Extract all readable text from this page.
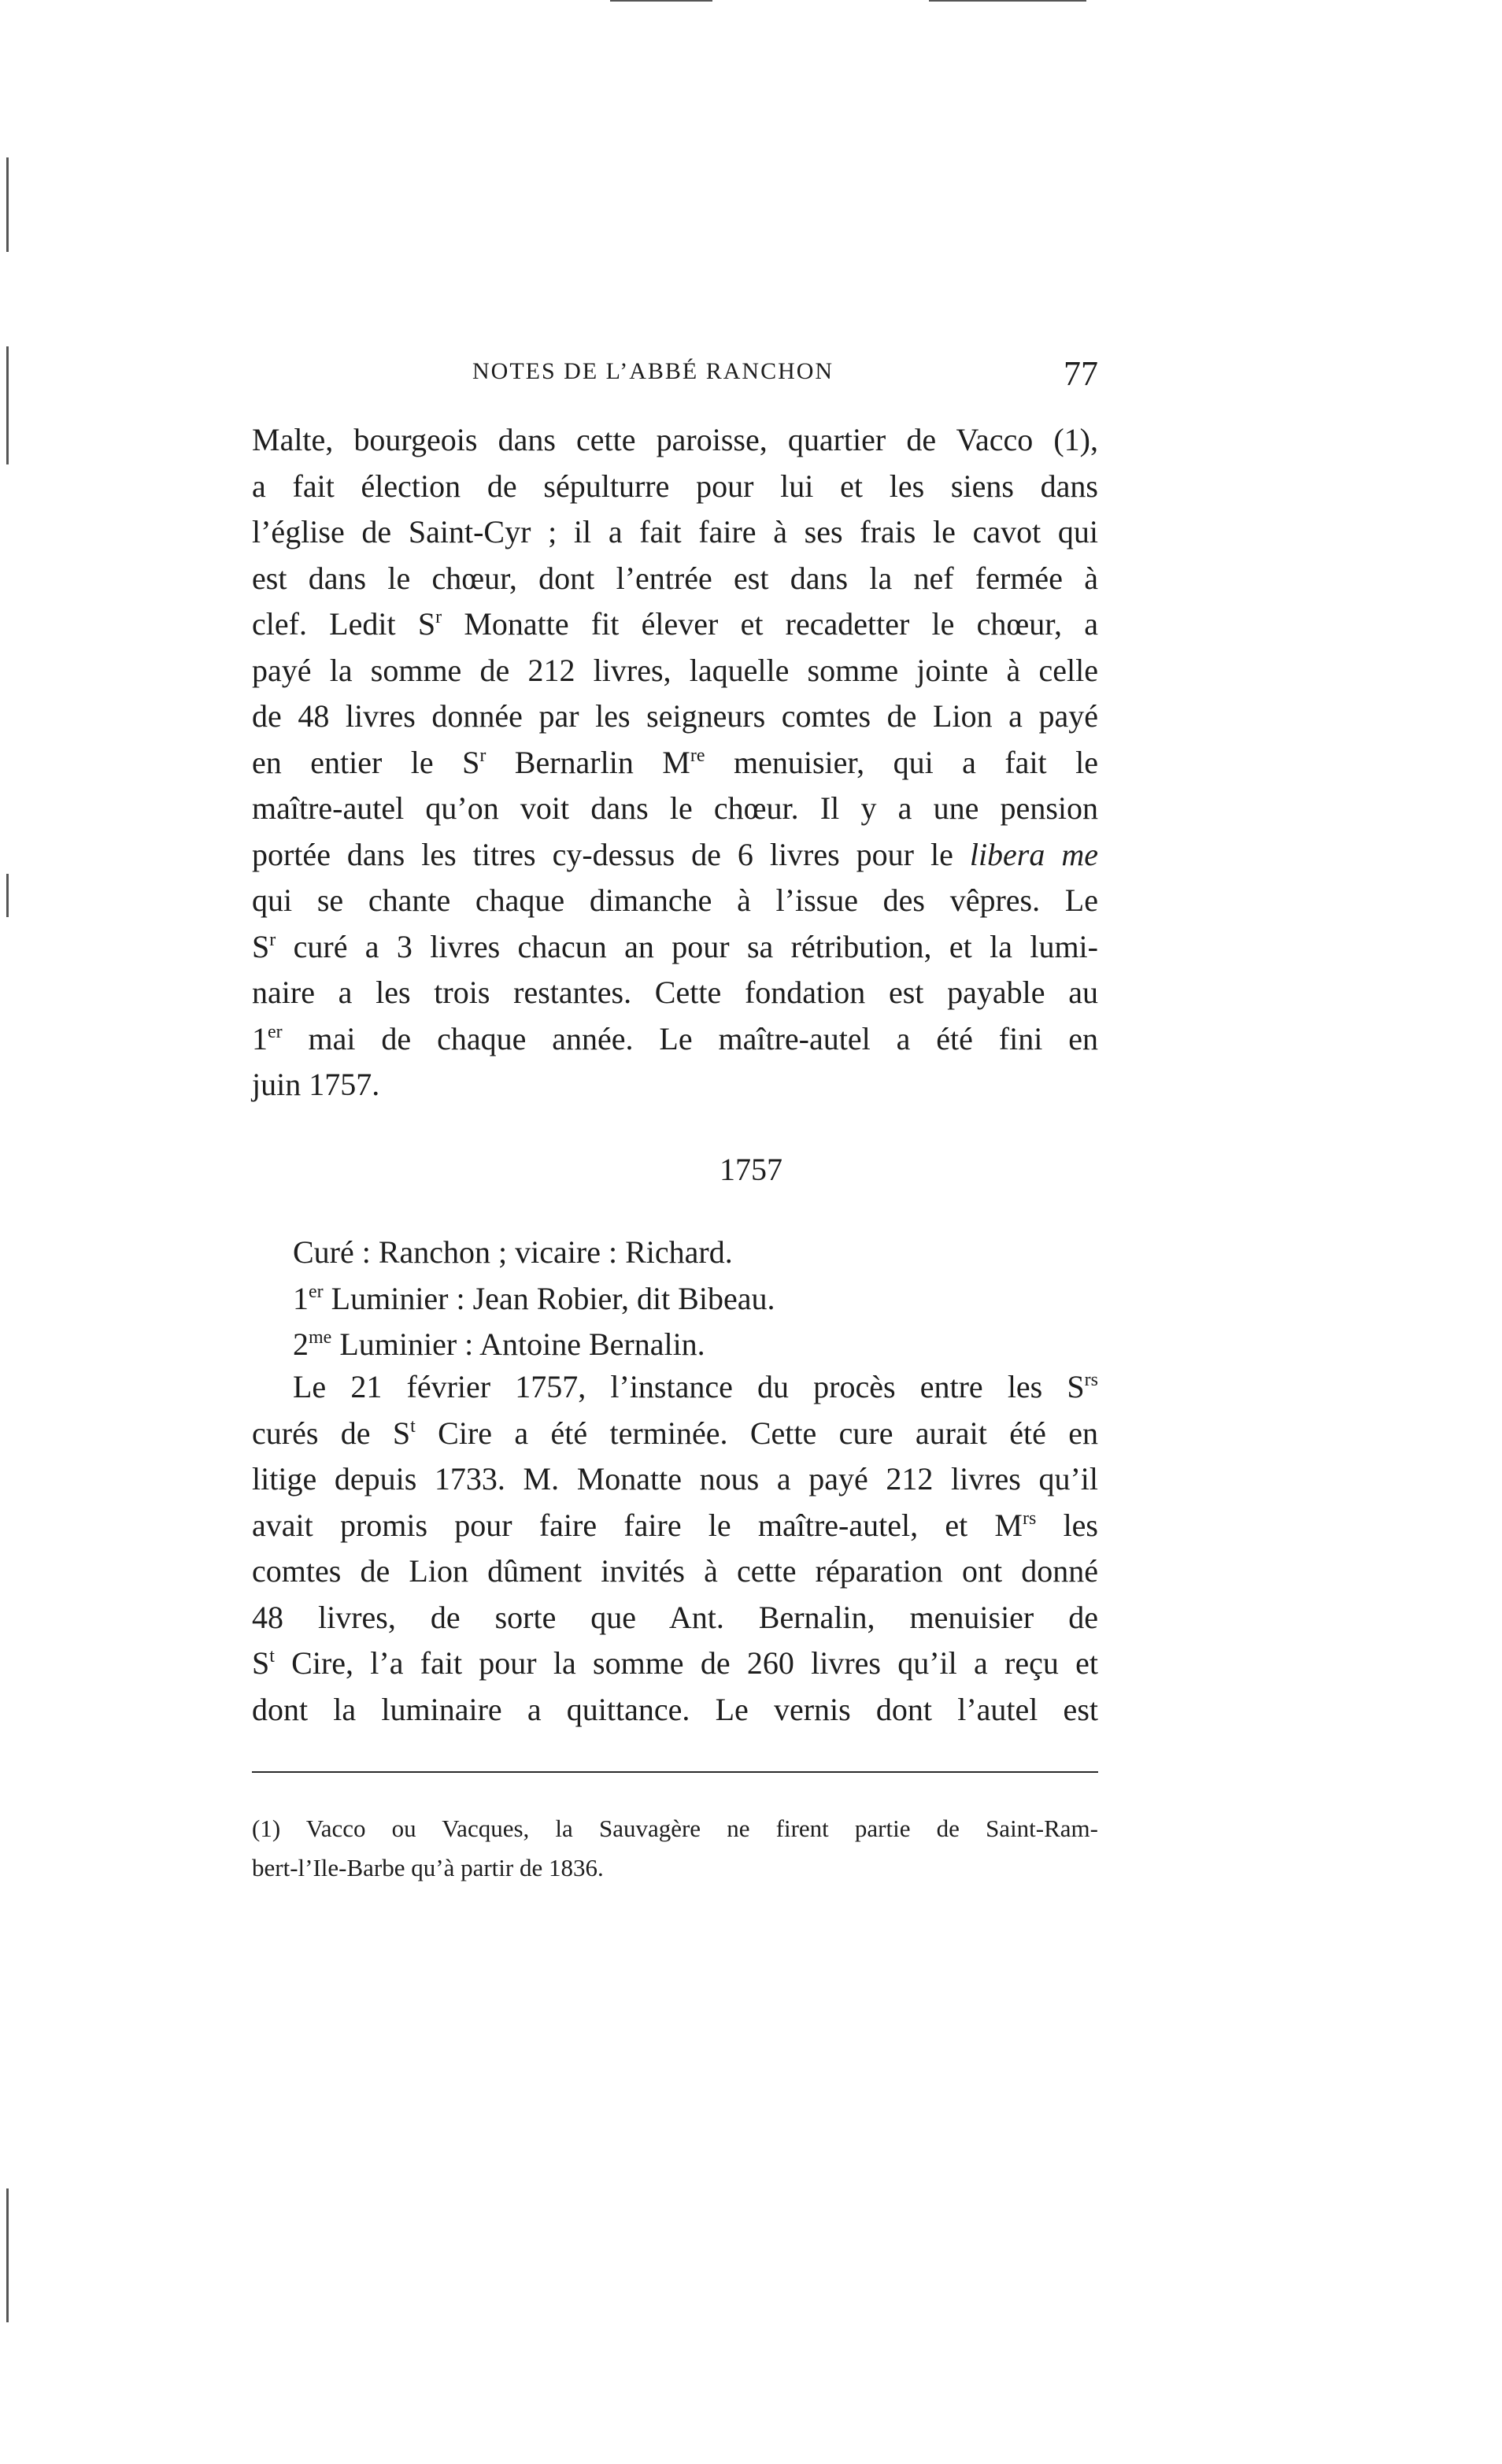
NOTES DE L’ABBÉ RANCHON	77
Malte, bourgeois dans cette paroisse, quartier de Vacco (1),
a fait élection de sépulturre pour lui et les siens dans
l’église de Saint-Cyr ; il a fait faire à ses frais le cavot qui
est dans le chœur, dont l’entrée est dans la nef fermée à
clef. Ledit $S^r$ Monatte fit élever et recadetter le chœur, a
payé la somme de 212 livres, laquelle somme jointe à celle
de 48 livres donnée par les seigneurs comtes de Lion a payé
en entier le $S^r$ Bernarlin Mre menuisier, qui a fait le
maître-autel qu’on voit dans le chœur. Il y a une pension
portée dans les titres cy-dessus de 6 livres pour le libera me
qui se chante chaque dimanche à l’issue des vêpres. Le
$S^r$ curé a 3 livres chacun an pour sa rétribution, et la lumi-
naire a les trois restantes. Cette fondation est payable au
1er mai de chaque année. Le maître-autel a été fini en
juin 1757.
1757
Curé : Ranchon ; vicaire : Richard.
1er Luminier : Jean Robier, dit Bibeau.
$2^{me}$ Luminier : Antoine Bernalin.
Le 21 février 1757, l’instance du procès entre les $S^{rs}$
curés de $S^t$ Cire a été terminée. Cette cure aurait été en
litige depuis 1733. M. Monatte nous a payé 212 livres qu’il
avait promis pour faire faire le maître-autel, et $M^{rs}$ les
comtes de Lion dûment invités à cette réparation ont donné
48 livres, de sorte que Ant. Bernalin, menuisier de
$S^t$ Cire, l’a fait pour la somme de 260 livres qu’il a reçu et
dont la luminaire a quittance. Le vernis dont l’autel est
(1) Vacco ou Vacques, la Sauvagère ne firent partie de Saint-Ram-
bert-l’Ile-Barbe qu’à partir de 1836.
